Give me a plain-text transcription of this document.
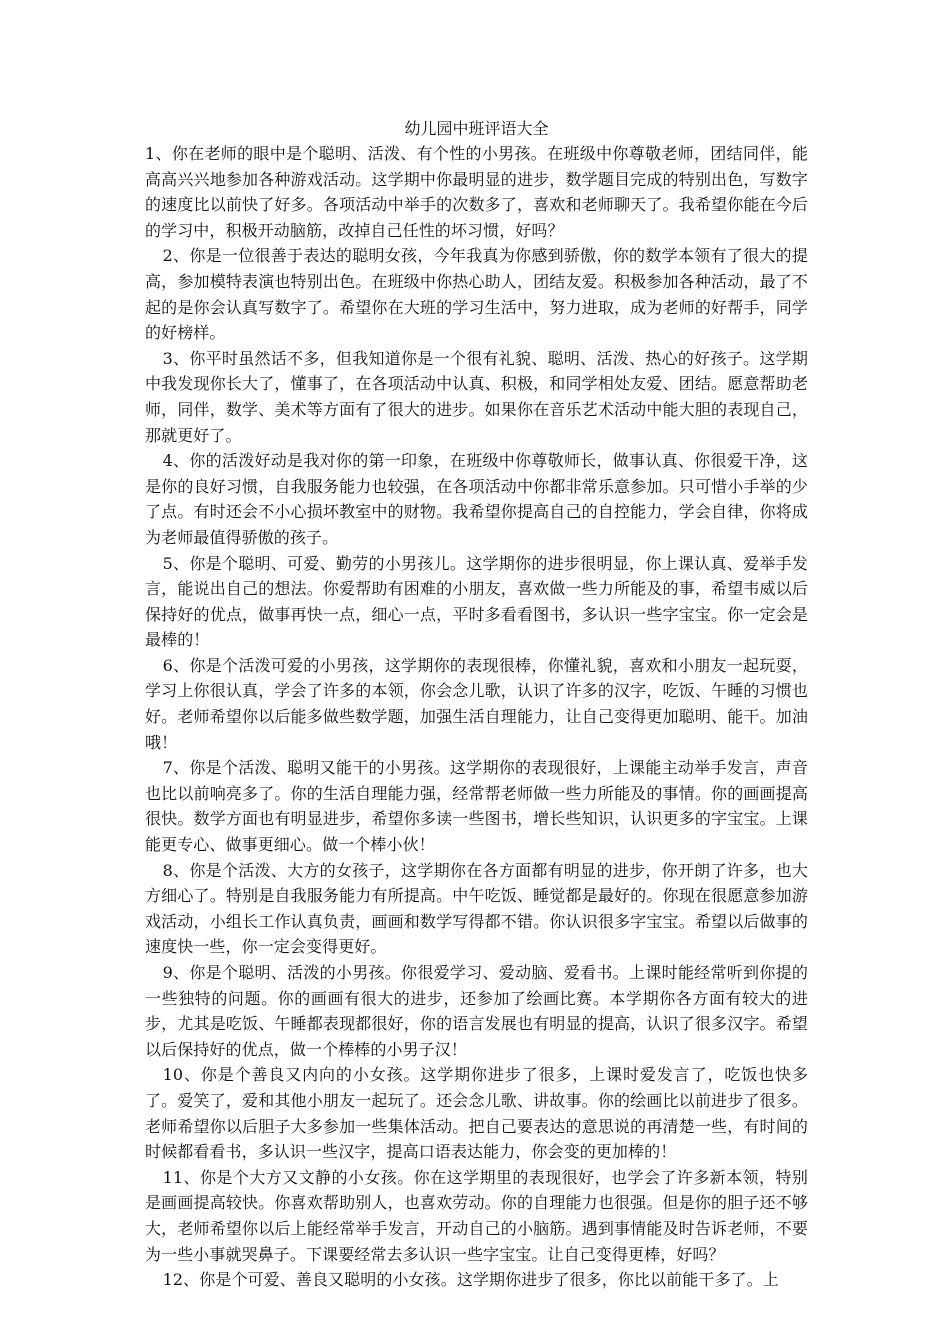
幼儿园中班评语大全

1、你在老师的眼中是个聪明、活泼、有个性的小男孩。在班级中你尊敬老师，团结同伴，能高高兴兴地参加各种游戏活动。这学期中你最明显的进步，数学题目完成的特别出色，写数字的速度比以前快了好多。各项活动中举手的次数多了，喜欢和老师聊天了。我希望你能在今后的学习中，积极开动脑筋，改掉自己任性的坏习惯，好吗？

2、你是一位很善于表达的聪明女孩，今年我真为你感到骄傲，你的数学本领有了很大的提高，参加模特表演也特别出色。在班级中你热心助人，团结友爱。积极参加各种活动，最了不起的是你会认真写数字了。希望你在大班的学习生活中，努力进取，成为老师的好帮手，同学的好榜样。

3、你平时虽然话不多，但我知道你是一个很有礼貌、聪明、活泼、热心的好孩子。这学期中我发现你长大了，懂事了，在各项活动中认真、积极，和同学相处友爱、团结。愿意帮助老师，同伴，数学、美术等方面有了很大的进步。如果你在音乐艺术活动中能大胆的表现自己，那就更好了。

4、你的活泼好动是我对你的第一印象，在班级中你尊敬师长，做事认真、你很爱干净，这是你的良好习惯，自我服务能力也较强，在各项活动中你都非常乐意参加。只可惜小手举的少了点。有时还会不小心损坏教室中的财物。我希望你提高自己的自控能力，学会自律，你将成为老师最值得骄傲的孩子。

5、你是个聪明、可爱、勤劳的小男孩儿。这学期你的进步很明显，你上课认真、爱举手发言，能说出自己的想法。你爱帮助有困难的小朋友，喜欢做一些力所能及的事，希望韦威以后保持好的优点，做事再快一点，细心一点，平时多看看图书，多认识一些字宝宝。你一定会是最棒的！

6、你是个活泼可爱的小男孩，这学期你的表现很棒，你懂礼貌，喜欢和小朋友一起玩耍，学习上你很认真，学会了许多的本领，你会念儿歌，认识了许多的汉字，吃饭、午睡的习惯也好。老师希望你以后能多做些数学题，加强生活自理能力，让自己变得更加聪明、能干。加油哦！

7、你是个活泼、聪明又能干的小男孩。这学期你的表现很好，上课能主动举手发言，声音也比以前响亮多了。你的生活自理能力强，经常帮老师做一些力所能及的事情。你的画画提高很快。数学方面也有明显进步，希望你多读一些图书，增长些知识，认识更多的字宝宝。上课能更专心、做事更细心。做一个棒小伙！

8、你是个活泼、大方的女孩子，这学期你在各方面都有明显的进步，你开朗了许多，也大方细心了。特别是自我服务能力有所提高。中午吃饭、睡觉都是最好的。你现在很愿意参加游戏活动，小组长工作认真负责，画画和数学写得都不错。你认识很多字宝宝。希望以后做事的速度快一些，你一定会变得更好。

9、你是个聪明、活泼的小男孩。你很爱学习、爱动脑、爱看书。上课时能经常听到你提的一些独特的问题。你的画画有很大的进步，还参加了绘画比赛。本学期你各方面有较大的进步，尤其是吃饭、午睡都表现都很好，你的语言发展也有明显的提高，认识了很多汉字。希望以后保持好的优点，做一个棒棒的小男子汉！

10、你是个善良又内向的小女孩。这学期你进步了很多，上课时爱发言了，吃饭也快多了。爱笑了，爱和其他小朋友一起玩了。还会念儿歌、讲故事。你的绘画比以前进步了很多。老师希望你以后胆子大多参加一些集体活动。把自己要表达的意思说的再清楚一些，有时间的时候都看看书，多认识一些汉字，提高口语表达能力，你会变的更加棒的！

11、你是个大方又文静的小女孩。你在这学期里的表现很好，也学会了许多新本领，特别是画画提高较快。你喜欢帮助别人，也喜欢劳动。你的自理能力也很强。但是你的胆子还不够大，老师希望你以后上能经常举手发言，开动自己的小脑筋。遇到事情能及时告诉老师，不要为一些小事就哭鼻子。下课要经常去多认识一些字宝宝。让自己变得更棒，好吗？

12、你是个可爱、善良又聪明的小女孩。这学期你进步了很多，你比以前能干多了。上
